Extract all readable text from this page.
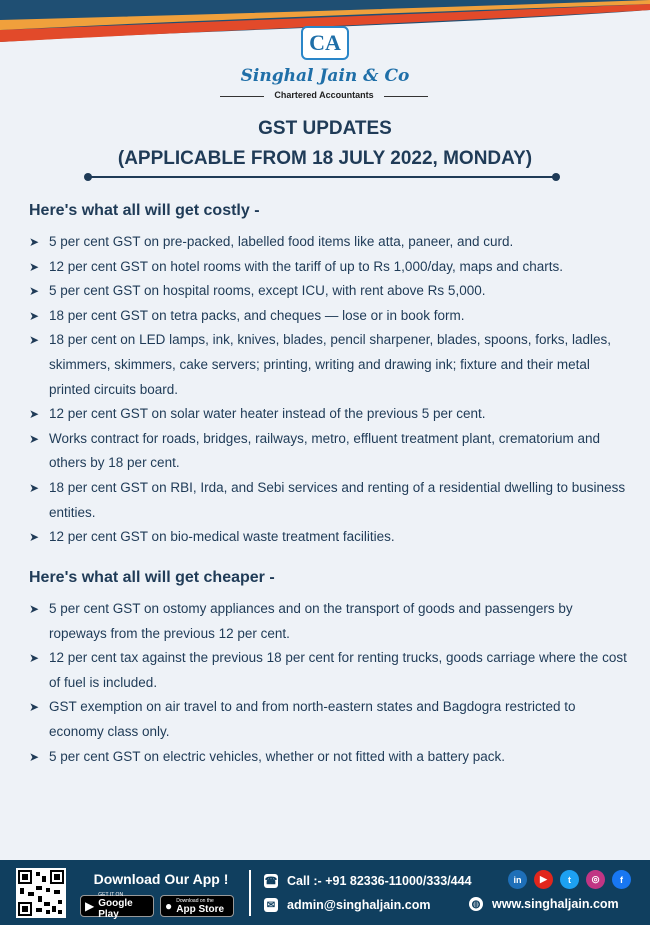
CA
Singhal Jain & Co
Chartered Accountants
GST UPDATES
(APPLICABLE FROM 18 JULY 2022, MONDAY)
Here's what all will get costly -
➤ 5 per cent GST on pre-packed, labelled food items like atta, paneer, and curd.
➤ 12 per cent GST on hotel rooms with the tariff of up to Rs 1,000/day, maps and charts.
➤ 5 per cent GST on hospital rooms, except ICU, with rent above Rs 5,000.
➤ 18 per cent GST on tetra packs, and cheques — lose or in book form.
➤ 18 per cent on LED lamps, ink, knives, blades, pencil sharpener, blades, spoons, forks, ladles, skimmers, skimmers, cake servers; printing, writing and drawing ink; fixture and their metal printed circuits board.
➤ 12 per cent GST on solar water heater instead of the previous 5 per cent.
➤ Works contract for roads, bridges, railways, metro, effluent treatment plant, crematorium and others by 18 per cent.
➤ 18 per cent GST on RBI, Irda, and Sebi services and renting of a residential dwelling to business entities.
➤ 12 per cent GST on bio-medical waste treatment facilities.
Here's what all will get cheaper -
➤ 5 per cent GST on ostomy appliances and on the transport of goods and passengers by ropeways from the previous 12 per cent.
➤ 12 per cent tax against the previous 18 per cent for renting trucks, goods carriage where the cost of fuel is included.
➤ GST exemption on air travel to and from north-eastern states and Bagdogra restricted to economy class only.
➤ 5 per cent GST on electric vehicles, whether or not fitted with a battery pack.
Download Our App !
▶
GET IT ON
Google Play
● Download on the
App Store
☎ Call :- +91 82336-11000/333/444
✉ admin@singhaljain.com	◍ www.singhaljain.com
in	▶	t	◎	f
